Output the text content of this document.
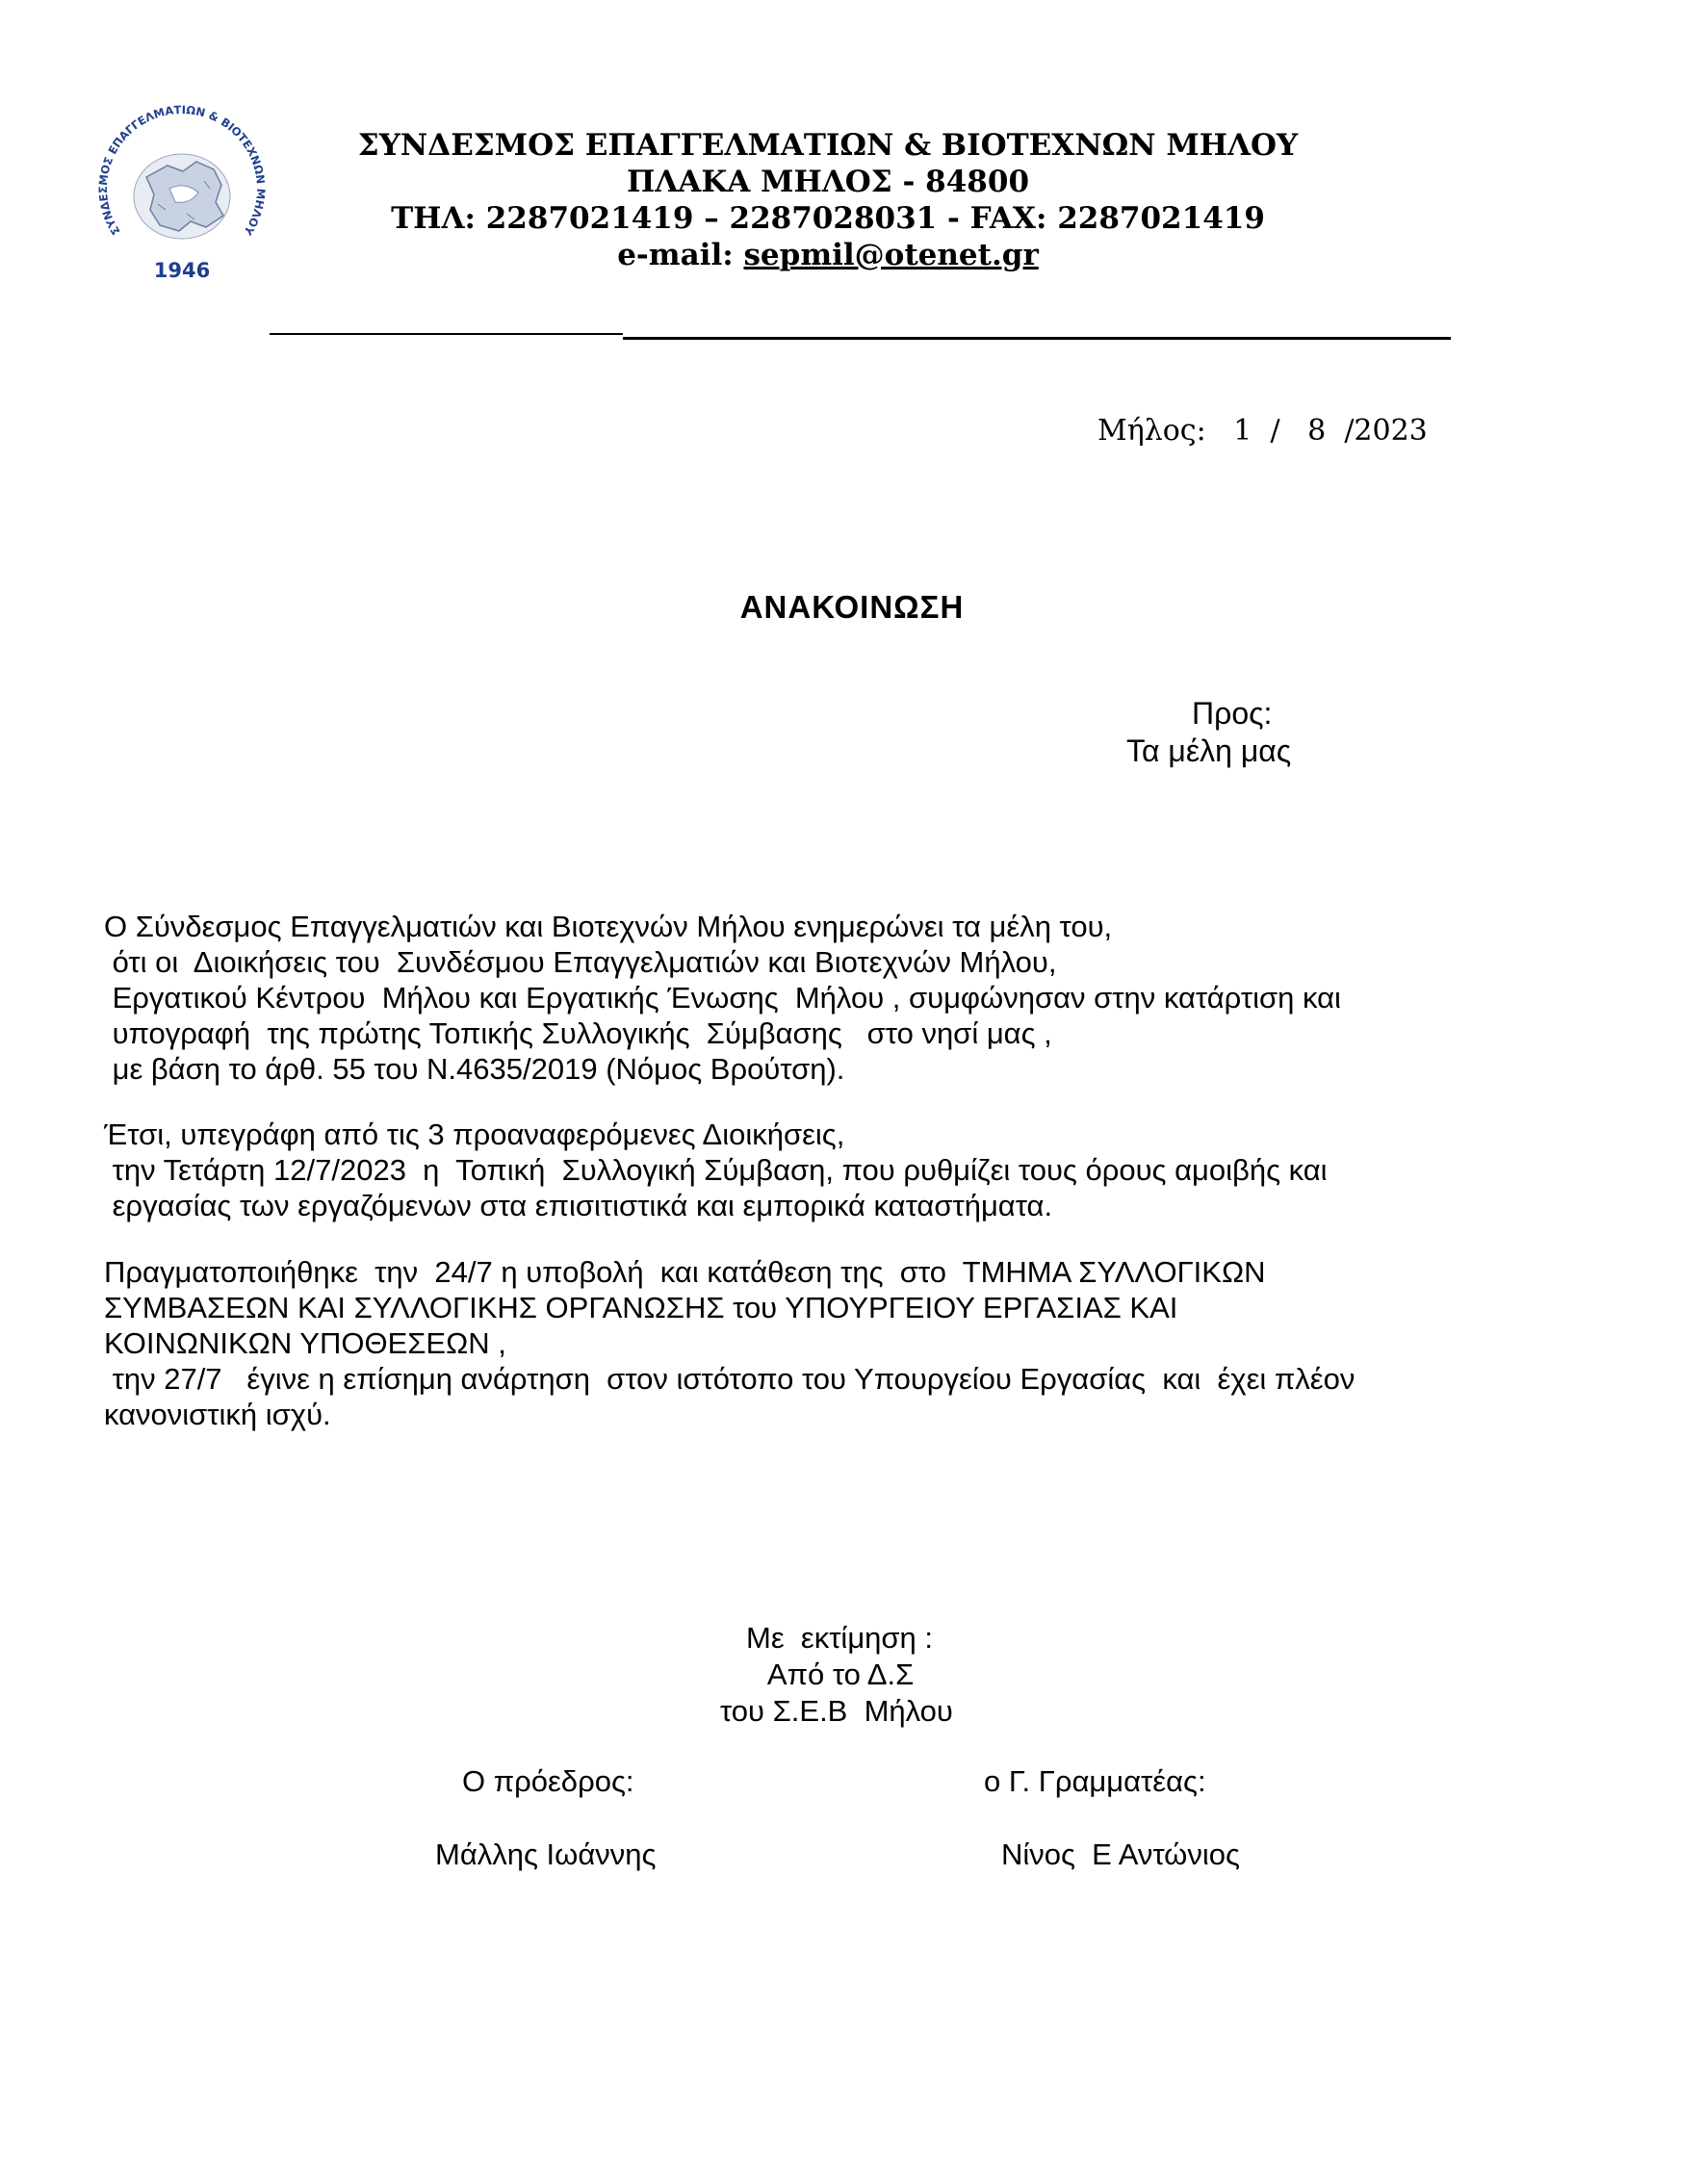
ΣΥΝΔΕΣΜΟΣ ΕΠΑΓΓΕΛΜΑΤΙΩΝ & ΒΙΟΤΕΧΝΩΝ ΜΗΛΟΥ
1946
ΣΥΝΔΕΣΜΟΣ ΕΠΑΓΓΕΛΜΑΤΙΩΝ & ΒΙΟΤΕΧΝΩΝ ΜΗΛΟΥ
ΠΛΑΚΑ ΜΗΛΟΣ - 84800
ΤΗΛ: 2287021419 – 2287028031 - FAX: 2287021419
e-mail: sepmil@otenet.gr
Μήλος:   1  /   8  /2023
ΑΝΑΚΟΙΝΩΣΗ
Προς:
Τα μέλη μας

Ο Σύνδεσμος Επαγγελματιών και Βιοτεχνών Μήλου ενημερώνει τα μέλη του,

ότι οι  Διοικήσεις του  Συνδέσμου Επαγγελματιών και Βιοτεχνών Μήλου,

Εργατικού Κέντρου  Μήλου και Εργατικής Ένωσης  Μήλου , συμφώνησαν στην κατάρτιση και

υπογραφή  της πρώτης Τοπικής Συλλογικής  Σύμβασης   στο νησί μας ,

με βάση το άρθ. 55 του Ν.4635/2019 (Νόμος Βρούτση).

Έτσι, υπεγράφη από τις 3 προαναφερόμενες Διοικήσεις,

την Τετάρτη 12/7/2023  η  Τοπική  Συλλογική Σύμβαση, που ρυθμίζει τους όρους αμοιβής και

εργασίας των εργαζόμενων στα επισιτιστικά και εμπορικά καταστήματα.

Πραγματοποιήθηκε  την  24/7 η υποβολή  και κατάθεση της  στο  ΤΜΗΜΑ ΣΥΛΛΟΓΙΚΩΝ

ΣΥΜΒΑΣΕΩΝ ΚΑΙ ΣΥΛΛΟΓΙΚΗΣ ΟΡΓΑΝΩΣΗΣ του ΥΠΟΥΡΓΕΙΟΥ ΕΡΓΑΣΙΑΣ ΚΑΙ

ΚΟΙΝΩΝΙΚΩΝ ΥΠΟΘΕΣΕΩΝ ,

την 27/7   έγινε η επίσημη ανάρτηση  στον ιστότοπο του Υπουργείου Εργασίας  και  έχει πλέον

κανονιστική ισχύ.

Με  εκτίμηση :
Από το Δ.Σ
του Σ.Ε.Β  Μήλου
Ο πρόεδρος:	ο Γ. Γραμματέας:
Μάλλης Ιωάννης	Νίνος  Ε Αντώνιος
